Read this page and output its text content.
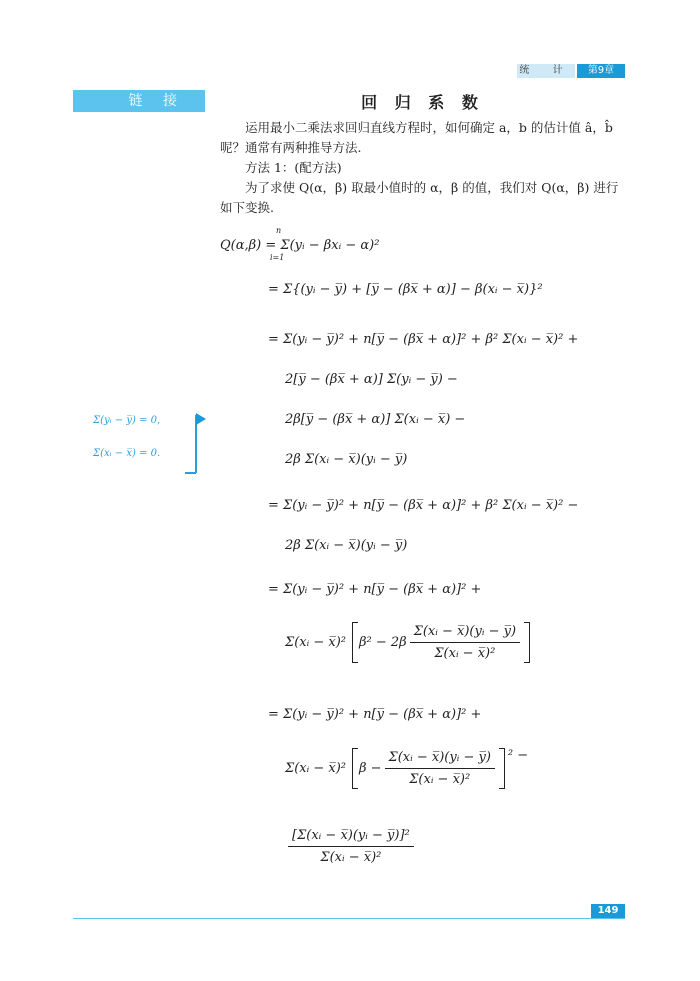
统 计	第9章
链 接	回 归 系 数
运用最小二乘法求回归直线方程时，如何确定 a，b 的估计值 â，b̂ 呢？通常有两种推导方法.
方法 1：(配方法)
为了求使 Q(α，β) 取最小值时的 α，β 的值，我们对 Q(α，β) 进行如下变换.
n
i=1
Q(α,β) = Σ(yᵢ − βxᵢ − α)²
= Σ{(yᵢ − y̅) + [y̅ − (βx̅ + α)] − β(xᵢ − x̅)}²
= Σ(yᵢ − y̅)² + n[y̅ − (βx̅ + α)]² + β² Σ(xᵢ − x̅)² +
2[y̅ − (βx̅ + α)] Σ(yᵢ − y̅) −
2β[y̅ − (βx̅ + α)] Σ(xᵢ − x̅) −
2β Σ(xᵢ − x̅)(yᵢ − y̅)
= Σ(yᵢ − y̅)² + n[y̅ − (βx̅ + α)]² + β² Σ(xᵢ − x̅)² −
2β Σ(xᵢ − x̅)(yᵢ − y̅)
= Σ(yᵢ − y̅)² + n[y̅ − (βx̅ + α)]² +
Σ(xᵢ − x̅)² $\beta^2 - 2\beta \frac{\text{Σ(xᵢ − x̅)(yᵢ − y̅)}}{\text{Σ(xᵢ − x̅)²}}$
= Σ(yᵢ − y̅)² + n[y̅ − (βx̅ + α)]² +
Σ(xᵢ − x̅)² $\beta - \frac{\text{Σ(xᵢ − x̅)(yᵢ − y̅)}}{\text{Σ(xᵢ − x̅)²}} ^2$ −
$\frac{\text{[Σ(xᵢ − x̅)(yᵢ − y̅)]²}}{\text{Σ(xᵢ − x̅)²}}$
Σ(yᵢ − y̅) = 0,
Σ(xᵢ − x̅) = 0.
149
